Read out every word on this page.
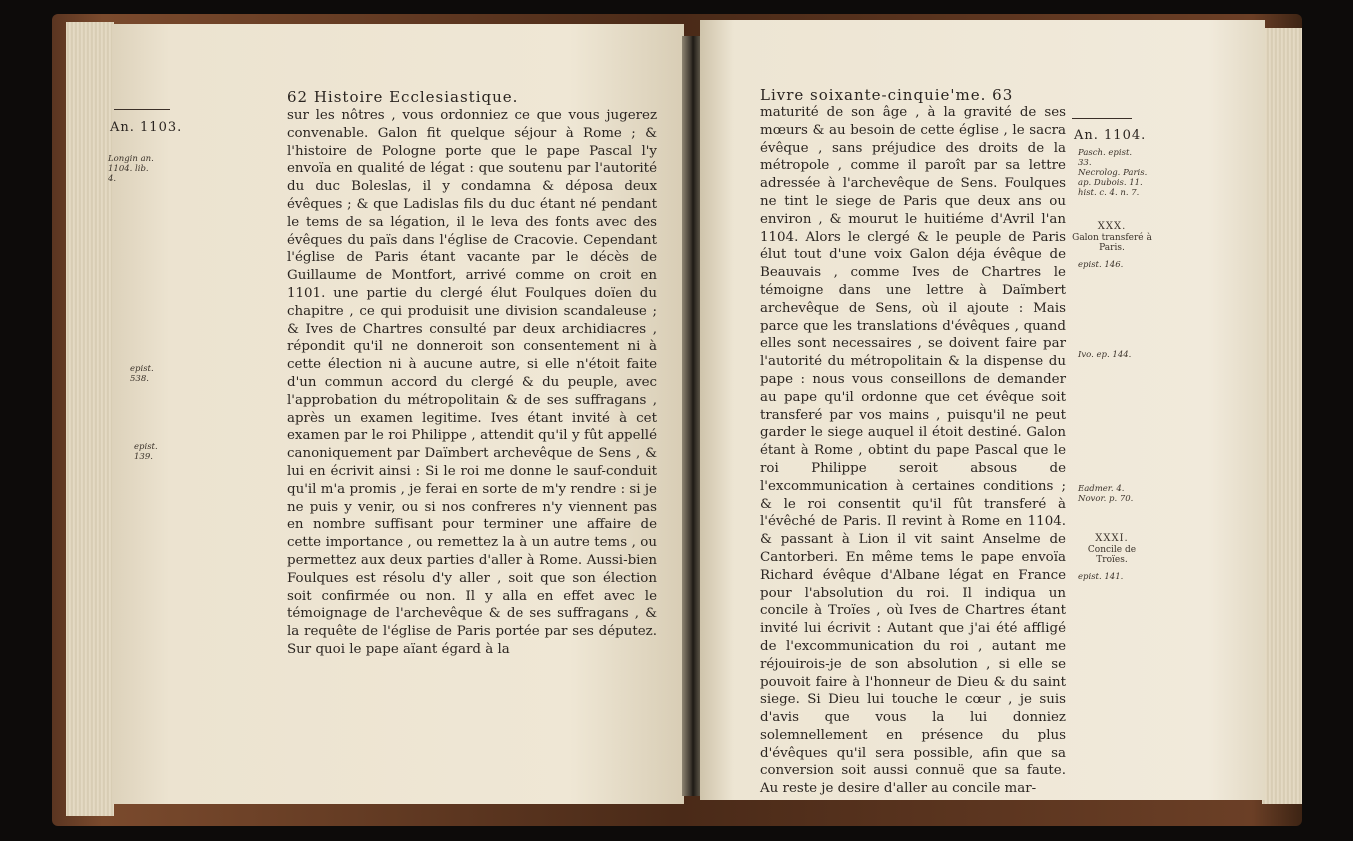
62 Histoire Ecclesiastique.
An. 1103.
Longin an. 1104. lib. 4.
epist. 538.
epist. 139.

sur les nôtres , vous ordonniez ce que vous jugerez convenable. Galon fit quelque séjour à Rome ; & l'histoire de Pologne porte que le pape Pascal l'y envoïa en qualité de légat : que soutenu par l'autorité du duc Boleslas, il y condamna & déposa deux évêques ; & que Ladislas fils du duc étant né pendant le tems de sa légation, il le leva des fonts avec des évêques du païs dans l'église de Cracovie. Cependant l'église de Paris étant vacante par le décès de Guillaume de Montfort, arrivé comme on croit en 1101. une partie du clergé élut Foulques doïen du chapitre , ce qui produisit une division scandaleuse ; & Ives de Chartres consulté par deux archidiacres , répondit qu'il ne donneroit son consentement ni à cette élection ni à aucune autre, si elle n'étoit faite d'un commun accord du clergé & du peuple, avec l'approbation du métropolitain & de ses suffragans , après un examen legitime. Ives étant invité à cet examen par le roi Philippe , attendit qu'il y fût appellé canoniquement par Daïmbert archevêque de Sens , & lui en écrivit ainsi : Si le roi me donne le sauf-conduit qu'il m'a promis , je ferai en sorte de m'y rendre : si je ne puis y venir, ou si nos confreres n'y viennent pas en nombre suffisant pour terminer une affaire de cette importance , ou remettez la à un autre tems , ou permettez aux deux parties d'aller à Rome. Aussi-bien Foulques est résolu d'y aller , soit que son élection soit confirmée ou non. Il y alla en effet avec le témoignage de l'archevêque & de ses suffragans , & la requête de l'église de Paris portée par ses députez. Sur quoi le pape aïant égard à la

Livre soixante-cinquie'me. 63
An. 1104.
Pasch. epist. 33.
Necrolog. Paris. ap. Dubois. 11. hist. c. 4. n. 7.
XXX.
Galon transferé à Paris.
epist. 146.
Ivo. ep. 144.
Eadmer. 4. Novor. p. 70.
XXXI.
Concile de Troïes.
epist. 141.

maturité de son âge , à la gravité de ses mœurs & au besoin de cette église , le sacra évêque , sans préjudice des droits de la métropole , comme il paroît par sa lettre adressée à l'archevêque de Sens. Foulques ne tint le siege de Paris que deux ans ou environ , & mourut le huitiéme d'Avril l'an 1104. Alors le clergé & le peuple de Paris élut tout d'une voix Galon déja évêque de Beauvais , comme Ives de Chartres le témoigne dans une lettre à Daïmbert archevêque de Sens, où il ajoute : Mais parce que les translations d'évêques , quand elles sont necessaires , se doivent faire par l'autorité du métropolitain & la dispense du pape : nous vous conseillons de demander au pape qu'il ordonne que cet évêque soit transferé par vos mains , puisqu'il ne peut garder le siege auquel il étoit destiné. Galon étant à Rome , obtint du pape Pascal que le roi Philippe seroit absous de l'excommunication à certaines conditions ; & le roi consentit qu'il fût transferé à l'évêché de Paris. Il revint à Rome en 1104. & passant à Lion il vit saint Anselme de Cantorberi. En même tems le pape envoïa Richard évêque d'Albane légat en France pour l'absolution du roi. Il indiqua un concile à Troïes , où Ives de Chartres étant invité lui écrivit : Autant que j'ai été affligé de l'excommunication du roi , autant me réjouirois-je de son absolution , si elle se pouvoit faire à l'honneur de Dieu & du saint siege. Si Dieu lui touche le cœur , je suis d'avis que vous la lui donniez solemnellement en présence du plus d'évêques qu'il sera possible, afin que sa conversion soit aussi connuë que sa faute. Au reste je desire d'aller au concile mar-
